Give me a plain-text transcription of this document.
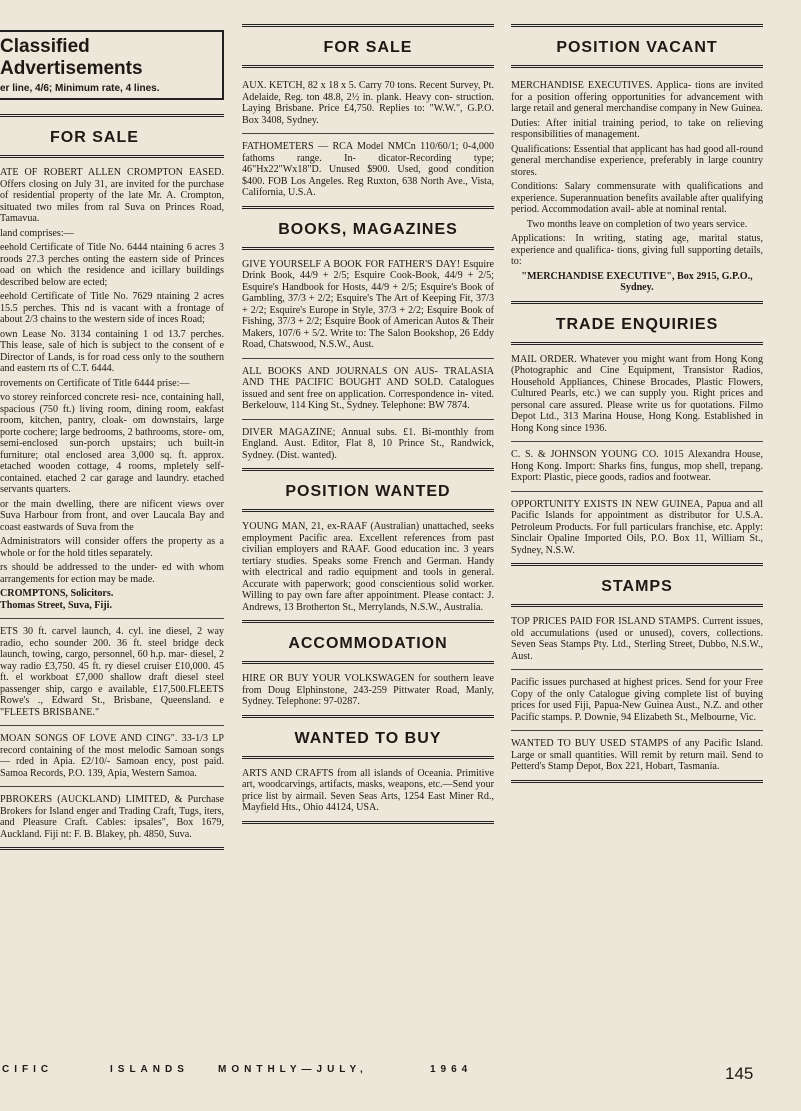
Classified Advertisements
er line, 4/6; Minimum rate, 4 lines.
FOR SALE

ATE OF ROBERT ALLEN CROMPTON EASED. Offers closing on July 31, are invited for the purchase of residential property of the late Mr. A. Crompton, situated two miles from ral Suva on Princes Road, Tamavua.

land comprises:—

eehold Certificate of Title No. 6444 ntaining 6 acres 3 roods 27.3 perches onting the eastern side of Princes oad on which the residence and icillary buildings described below are ected;

eehold Certificate of Title No. 7629 ntaining 2 acres 15.5 perches. This nd is vacant with a frontage of about 2/3 chains to the western side of inces Road;

own Lease No. 3134 containing 1 od 13.7 perches. This lease, sale of hich is subject to the consent of e Director of Lands, is for road cess only to the southern and eastern rts of C.T. 6444.

rovements on Certificate of Title 6444 prise:—

vo storey reinforced concrete resi- nce, containing hall, spacious (750 ft.) living room, dining room, eakfast room, kitchen, pantry, cloak- om downstairs, large porte cochere; large bedrooms, 2 bathrooms, store- om, semi-enclosed sun-porch upstairs; uch built-in furniture; otal enclosed area 3,000 sq. ft. approx. etached wooden cottage, 4 rooms, mpletely self-contained. etached 2 car garage and laundry. etached servants quarters.

or the main dwelling, there are nificent views over Suva Harbour from front, and over Laucala Bay and coast eastwards of Suva from the

Administrators will consider offers the property as a whole or for the hold titles separately.

rs should be addressed to the under- ed with whom arrangements for ection may be made.

CROMPTONS, Solicitors.

Thomas Street, Suva, Fiji.

ETS 30 ft. carvel launch, 4. cyl. ine diesel, 2 way radio, echo sounder 200. 36 ft. steel bridge deck launch, towing, cargo, personnel, 60 h.p. mar- diesel, 2 way radio £3,750. 45 ft. ry diesel cruiser £10,000. 45 ft. el workboat £7,000 shallow draft diesel steel passenger ship, cargo e available, £17,500.FLEETS Rowe's ., Edward St., Brisbane, Queensland. e "FLEETS BRISBANE."

MOAN SONGS OF LOVE AND CING". 33-1/3 LP record containing of the most melodic Samoan songs— rded in Apia. £2/10/- Samoan ency, post paid. Samoa Records, P.O. 139, Apia, Western Samoa.

PBROKERS (AUCKLAND) LIMITED, & Purchase Brokers for Island enger and Trading Craft, Tugs, iters, and Pleasure Craft. Cables: ipsales", Box 1679, Auckland. Fiji nt: F. B. Blakey, ph. 4850, Suva.

FOR SALE

AUX. KETCH, 82 x 18 x 5. Carry 70 tons. Recent Survey, Pt. Adelaide, Reg. ton 48.8, 2½ in. plank. Heavy con- struction. Laying Brisbane. Price £4,750. Replies to: "W.W.", G.P.O. Box 3408, Sydney.

FATHOMETERS — RCA Model NMCn 110/60/1; 0-4,000 fathoms range. In- dicator-Recording type; 46"Hx22"Wx18"D. Unused $900. Used, good condition $400. FOB Los Angeles. Reg Ruxton, 638 North Ave., Vista, California, U.S.A.

BOOKS, MAGAZINES

GIVE YOURSELF A BOOK FOR FATHER'S DAY! Esquire Drink Book, 44/9 + 2/5; Esquire Cook-Book, 44/9 + 2/5; Esquire's Handbook for Hosts, 44/9 + 2/5; Esquire's Book of Gambling, 37/3 + 2/2; Esquire's The Art of Keeping Fit, 37/3 + 2/2; Esquire's Europe in Style, 37/3 + 2/2; Esquire Book of Fishing, 37/3 + 2/2; Esquire Book of American Autos & Their Makers, 107/6 + 5/2. Write to: The Salon Bookshop, 26 Eddy Road, Chatswood, N.S.W., Aust.

ALL BOOKS AND JOURNALS ON AUS- TRALASIA AND THE PACIFIC BOUGHT AND SOLD. Catalogues issued and sent free on application. Correspondence in- vited. Berkelouw, 114 King St., Sydney. Telephone: BW 7874.

DIVER MAGAZINE; Annual subs. £1. Bi-monthly from England. Aust. Editor, Flat 8, 10 Prince St., Randwick, Sydney. (Dist. wanted).

POSITION WANTED

YOUNG MAN, 21, ex-RAAF (Australian) unattached, seeks employment Pacific area. Excellent references from past civilian employers and RAAF. Good education inc. 3 years tertiary studies. Speaks some French and German. Handy with electrical and radio equipment and tools in general. Accurate with paperwork; good conscientious solid worker. Willing to pay own fare after appointment. Please contact: J. Andrews, 13 Brotherton St., Merrylands, N.S.W., Australia.

ACCOMMODATION

HIRE OR BUY YOUR VOLKSWAGEN for southern leave from Doug Elphinstone, 243-259 Pittwater Road, Manly, Sydney. Telephone: 97-0287.

WANTED TO BUY

ARTS AND CRAFTS from all islands of Oceania. Primitive art, woodcarvings, artifacts, masks, weapons, etc.—Send your price list by airmail. Seven Seas Arts, 1254 East Miner Rd., Mayfield Hts., Ohio 44124, USA.

POSITION VACANT

MERCHANDISE EXECUTIVES. Applica- tions are invited for a position offering opportunities for advancement with large retail and general merchandise company in New Guinea.

Duties: After initial training period, to take on relieving responsibilities of management.

Qualifications: Essential that applicant has had good all-round general merchandise experience, preferably in large country stores.

Conditions: Salary commensurate with qualifications and experience. Superannuation benefits available after qualifying period. Accommodation avail- able at nominal rental.

Two months leave on completion of two years service.

Applications: In writing, stating age, marital status, experience and qualifica- tions, giving full supporting details, to:

"MERCHANDISE EXECUTIVE", Box 2915, G.P.O., Sydney.

TRADE ENQUIRIES

MAIL ORDER. Whatever you might want from Hong Kong (Photographic and Cine Equipment, Transistor Radios, Household Appliances, Chinese Brocades, Plastic Flowers, Cultured Pearls, etc.) we can supply you. Right prices and personal care assured. Please write us for quotations. Filmo Depot Ltd., 313 Marina House, Hong Kong. Established in Hong Kong since 1936.

C. S. & JOHNSON YOUNG CO. 1015 Alexandra House, Hong Kong. Import: Sharks fins, fungus, mop shell, trepang. Export: Plastic, piece goods, radios and footwear.

OPPORTUNITY EXISTS IN NEW GUINEA, Papua and all Pacific Islands for appointment as distributor for U.S.A. Petroleum Products. For full particulars franchise, etc. Apply: Sinclair Opaline Imported Oils, P.O. Box 11, William St., Sydney, N.S.W.

STAMPS

TOP PRICES PAID FOR ISLAND STAMPS. Current issues, old accumulations (used or unused), covers, collections. Seven Seas Stamps Pty. Ltd., Sterling Street, Dubbo, N.S.W., Aust.

Pacific issues purchased at highest prices. Send for your Free Copy of the only Catalogue giving complete list of buying prices for used Fiji, Papua-New Guinea Aust., N.Z. and other Pacific stamps. P. Downie, 94 Elizabeth St., Melbourne, Vic.

WANTED TO BUY USED STAMPS of any Pacific Island. Large or small quantities. Will remit by return mail. Send to Petterd's Stamp Depot, Box 221, Hobart, Tasmania.

CIFIC	ISLANDS	MONTHLY—JULY,	1964	145
